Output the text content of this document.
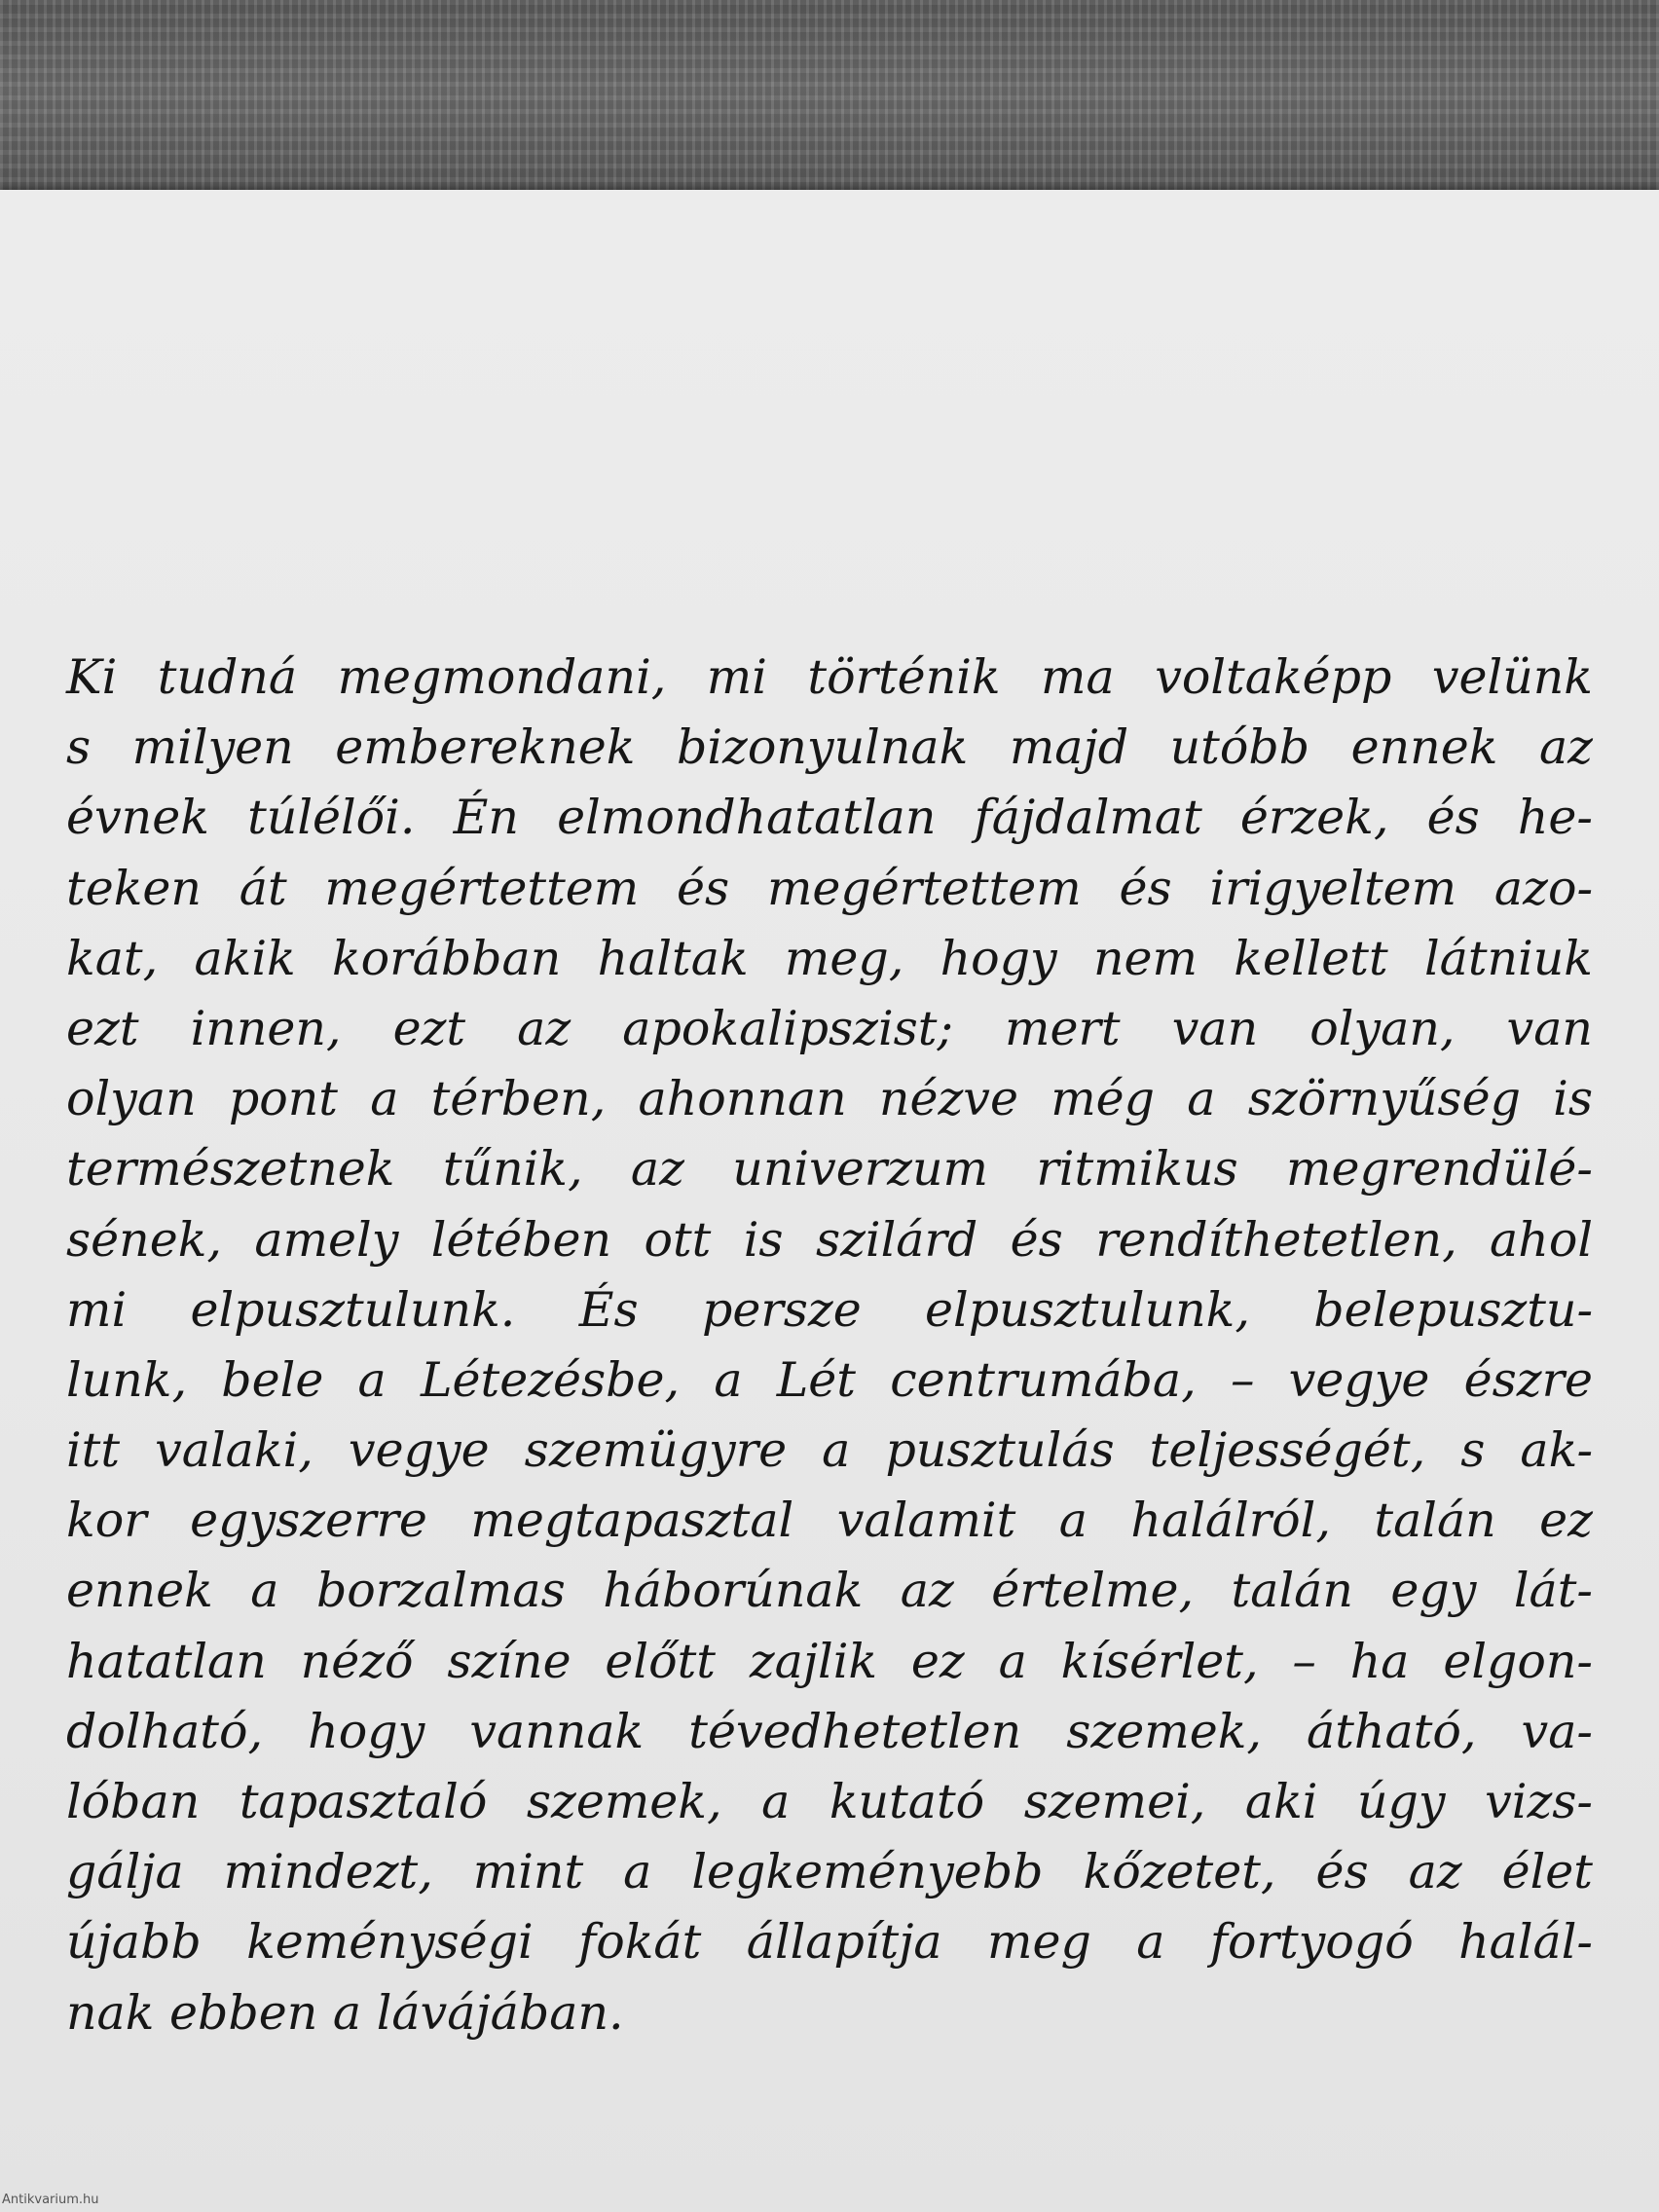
Ki tudná megmondani, mi történik ma voltaképp velünk
s milyen embereknek bizonyulnak majd utóbb ennek az
évnek túlélői. Én elmondhatatlan fájdalmat érzek, és he-
teken át megértettem és megértettem és irigyeltem azo-
kat, akik korábban haltak meg, hogy nem kellett látniuk
ezt innen, ezt az apokalipszist; mert van olyan, van
olyan pont a térben, ahonnan nézve még a szörnyűség is
természetnek tűnik, az univerzum ritmikus megrendülé-
sének, amely létében ott is szilárd és rendíthetetlen, ahol
mi elpusztulunk. És persze elpusztulunk, belepusztu-
lunk, bele a Létezésbe, a Lét centrumába, – vegye észre
itt valaki, vegye szemügyre a pusztulás teljességét, s ak-
kor egyszerre megtapasztal valamit a halálról, talán ez
ennek a borzalmas háborúnak az értelme, talán egy lát-
hatatlan néző színe előtt zajlik ez a kísérlet, – ha elgon-
dolható, hogy vannak tévedhetetlen szemek, átható, va-
lóban tapasztaló szemek, a kutató szemei, aki úgy vizs-
gálja mindezt, mint a legkeményebb kőzetet, és az élet
újabb keménységi fokát állapítja meg a fortyogó halál-
nak ebben a lávájában.
Antikvarium.hu
